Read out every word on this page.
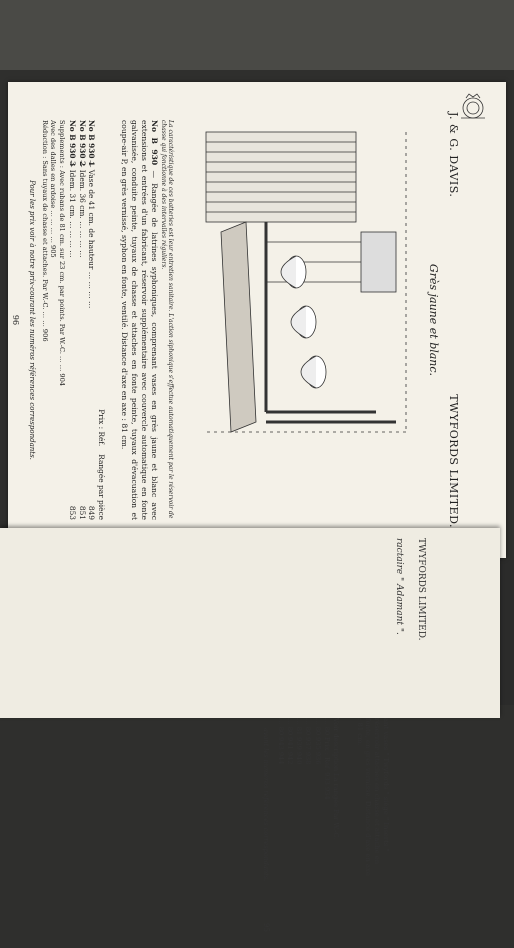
J. & G. DAVIS.
TWYFORDS LIMITED.
Grès jaune et blanc.
La caractéristique de ces batteries est leur entretien sanitaire. L'action siphonique s'effectue automatiquement par le réservoir de chasse qui fonctionne à des intervalles réguliers.
No B 930 — Rangée de latrines syphoniques, comprenant vases en grès jaune et blanc avec extensions et entrées d'un fabricant, réservoir supplémentaire avec couvercle automatique en fonte galvanisée, conduite peinte, tuyaux de chasse et attaches en fonte peinte, tuyaux d'évacuation et coupe-air P, en grès vernissé, syphon en fonte, ventilé. Distance d'axe en axe : 81 cm.
Prix : Réf.
Rangée par pièce
No B 930 1
— Vase de 41 cm. de hauteur … … … …
849
No B 930 2
— Idem. 36 cm. … … … …
851
No B 930 3
— Idem. 31 cm. … … … …
853
Supplements : Avec rubans de 81 cm. sur 23 cm. par points. Par W.-C. … … 904
Avec des dalles en ardoise … … … … 905
Réduction : Sans tuyaux de chasse et attaches. Par W.-C. … … 906
Pour les prix voir à notre prix-courant les numéros références correspondants.
96
TWYFORDS LIMITED.
ractaire " Adamant ".
ant vases " Twyfords " siège " Inserts " réservoir attaches en chasse et attache en fonte, en grès vernissé. Distance d'axe en axe : 81 cm.
Voir description La rangée Par W.-C.
… 80 Prix : Réf. 933 934
… 80 935 936
… 80 937 938
… 81 939 940
… 80 941 942
… 80 943 944
avant les numéros références correspondants.
95
